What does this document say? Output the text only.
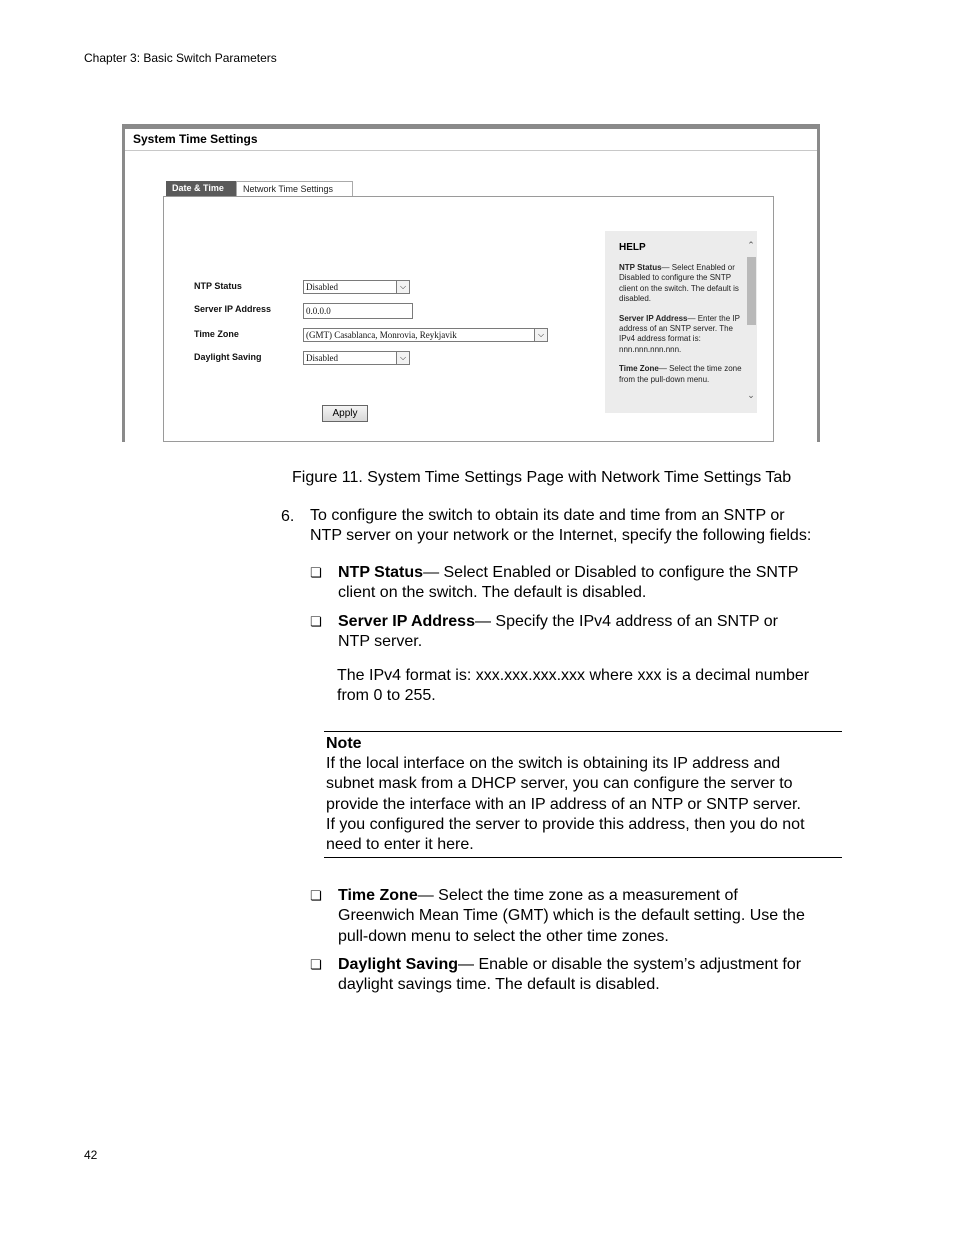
Chapter 3: Basic Switch Parameters
System Time Settings
Date & Time	Network Time Settings
NTP Status	Disabled	⌵
Server IP Address	0.0.0.0
Time Zone	(GMT) Casablanca, Monrovia, Reykjavik	⌵
Daylight Saving	Disabled	⌵
Apply
HELP

NTP Status— Select Enabled or Disabled to configure the SNTP client on the switch. The default is disabled.

Server IP Address— Enter the IP address of an SNTP server. The IPv4 address format is: nnn.nnn.nnn.nnn.

Time Zone— Select the time zone from the pull-down menu.

⌃
⌄
Figure 11. System Time Settings Page with Network Time Settings Tab
6. To configure the switch to obtain its date and time from an SNTP or
NTP server on your network or the Internet, specify the following fields:
❏ NTP Status— Select Enabled or Disabled to configure the SNTP
client on the switch. The default is disabled.
❏ Server IP Address— Specify the IPv4 address of an SNTP or
NTP server.
The IPv4 format is: xxx.xxx.xxx.xxx where xxx is a decimal number
from 0 to 255.
Note
If the local interface on the switch is obtaining its IP address and
subnet mask from a DHCP server, you can configure the server to
provide the interface with an IP address of an NTP or SNTP server.
If you configured the server to provide this address, then you do not
need to enter it here.
❏ Time Zone— Select the time zone as a measurement of
Greenwich Mean Time (GMT) which is the default setting. Use the
pull-down menu to select the other time zones.
❏ Daylight Saving— Enable or disable the system’s adjustment for
daylight savings time. The default is disabled.
42
